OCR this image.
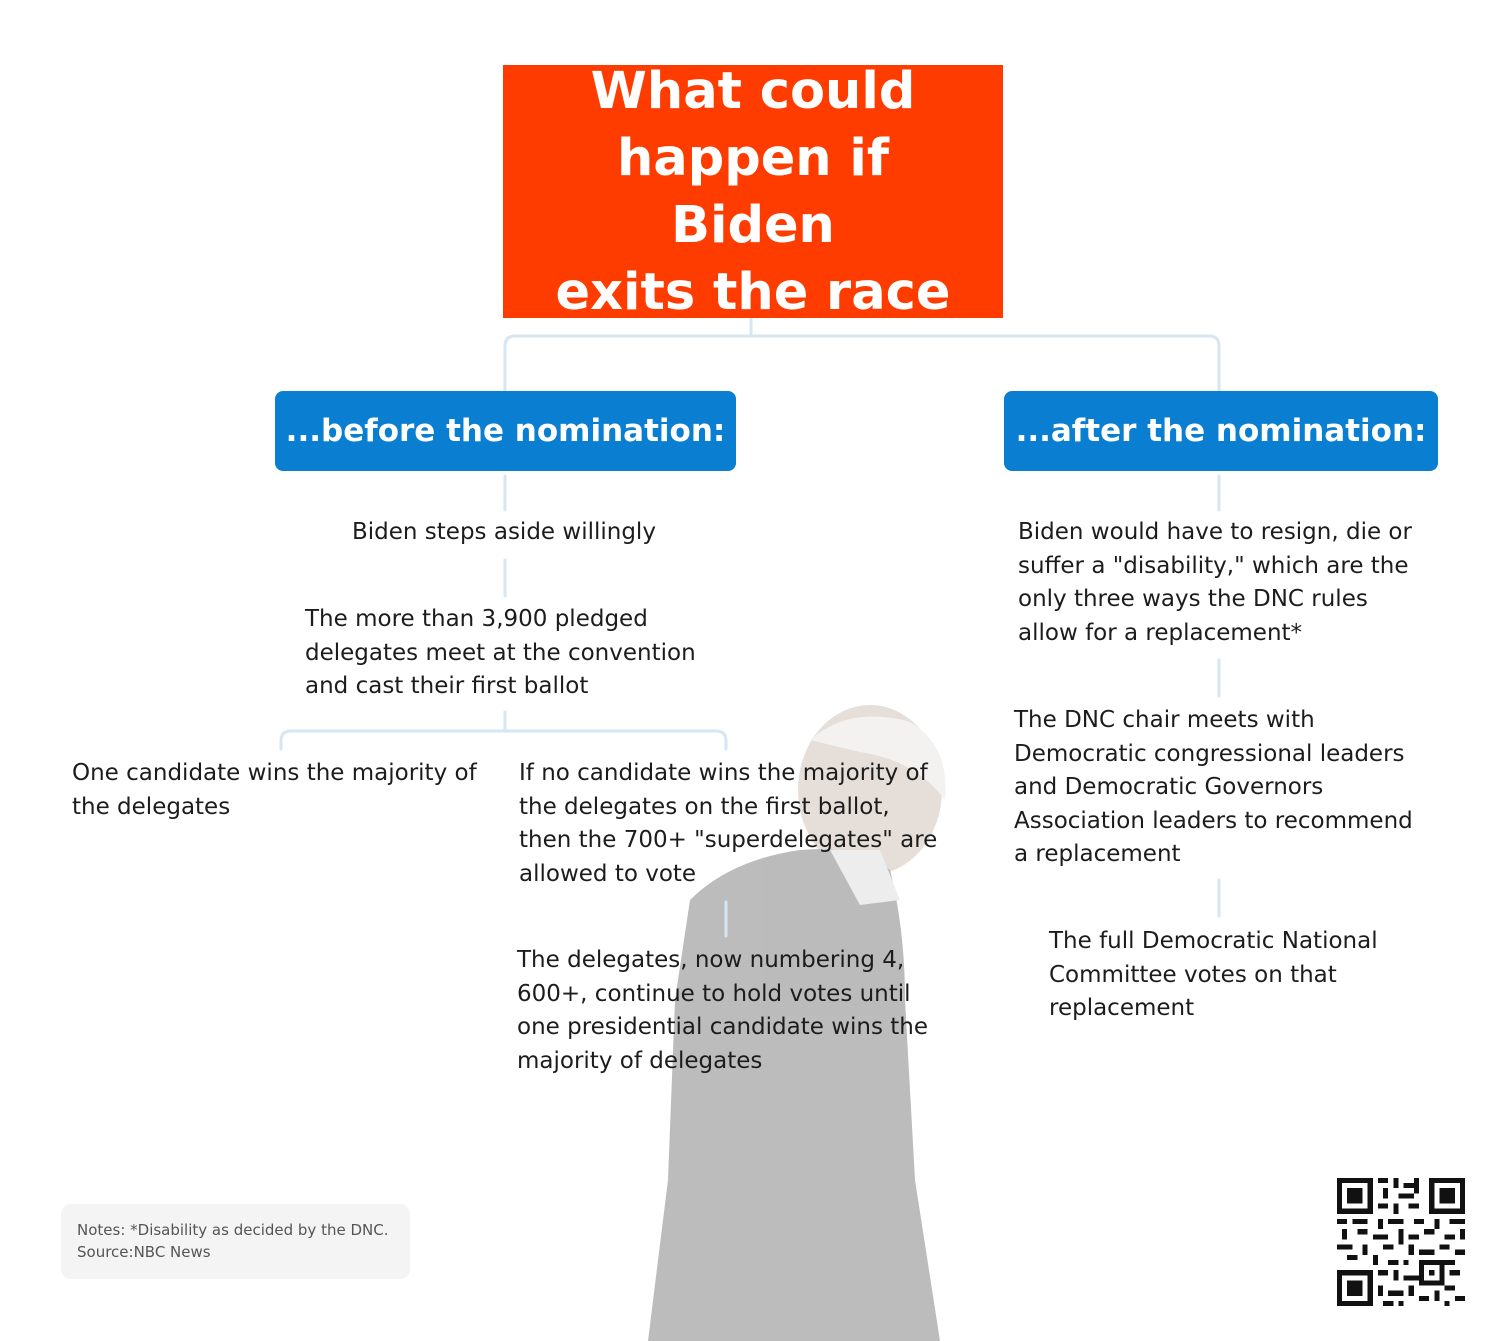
What could
happen if Biden
exits the race
...before the nomination:	...after the nomination:
Biden steps aside willingly
The more than 3,900 pledged delegates meet at the convention and cast their first ballot
One candidate wins the majority of the delegates
If no candidate wins the majority of the delegates on the first ballot, then the 700+ "superdelegates" are allowed to vote
The delegates, now numbering 4, 600+, continue to hold votes until one presidential candidate wins the majority of delegates
Biden would have to resign, die or suffer a "disability," which are the only three ways the DNC rules allow for a replacement*
The DNC chair meets with Democratic congressional leaders and Democratic Governors Association leaders to recommend a replacement
The full Democratic National Committee votes on that replacement
Notes: *Disability as decided by the DNC.
Source:NBC News
